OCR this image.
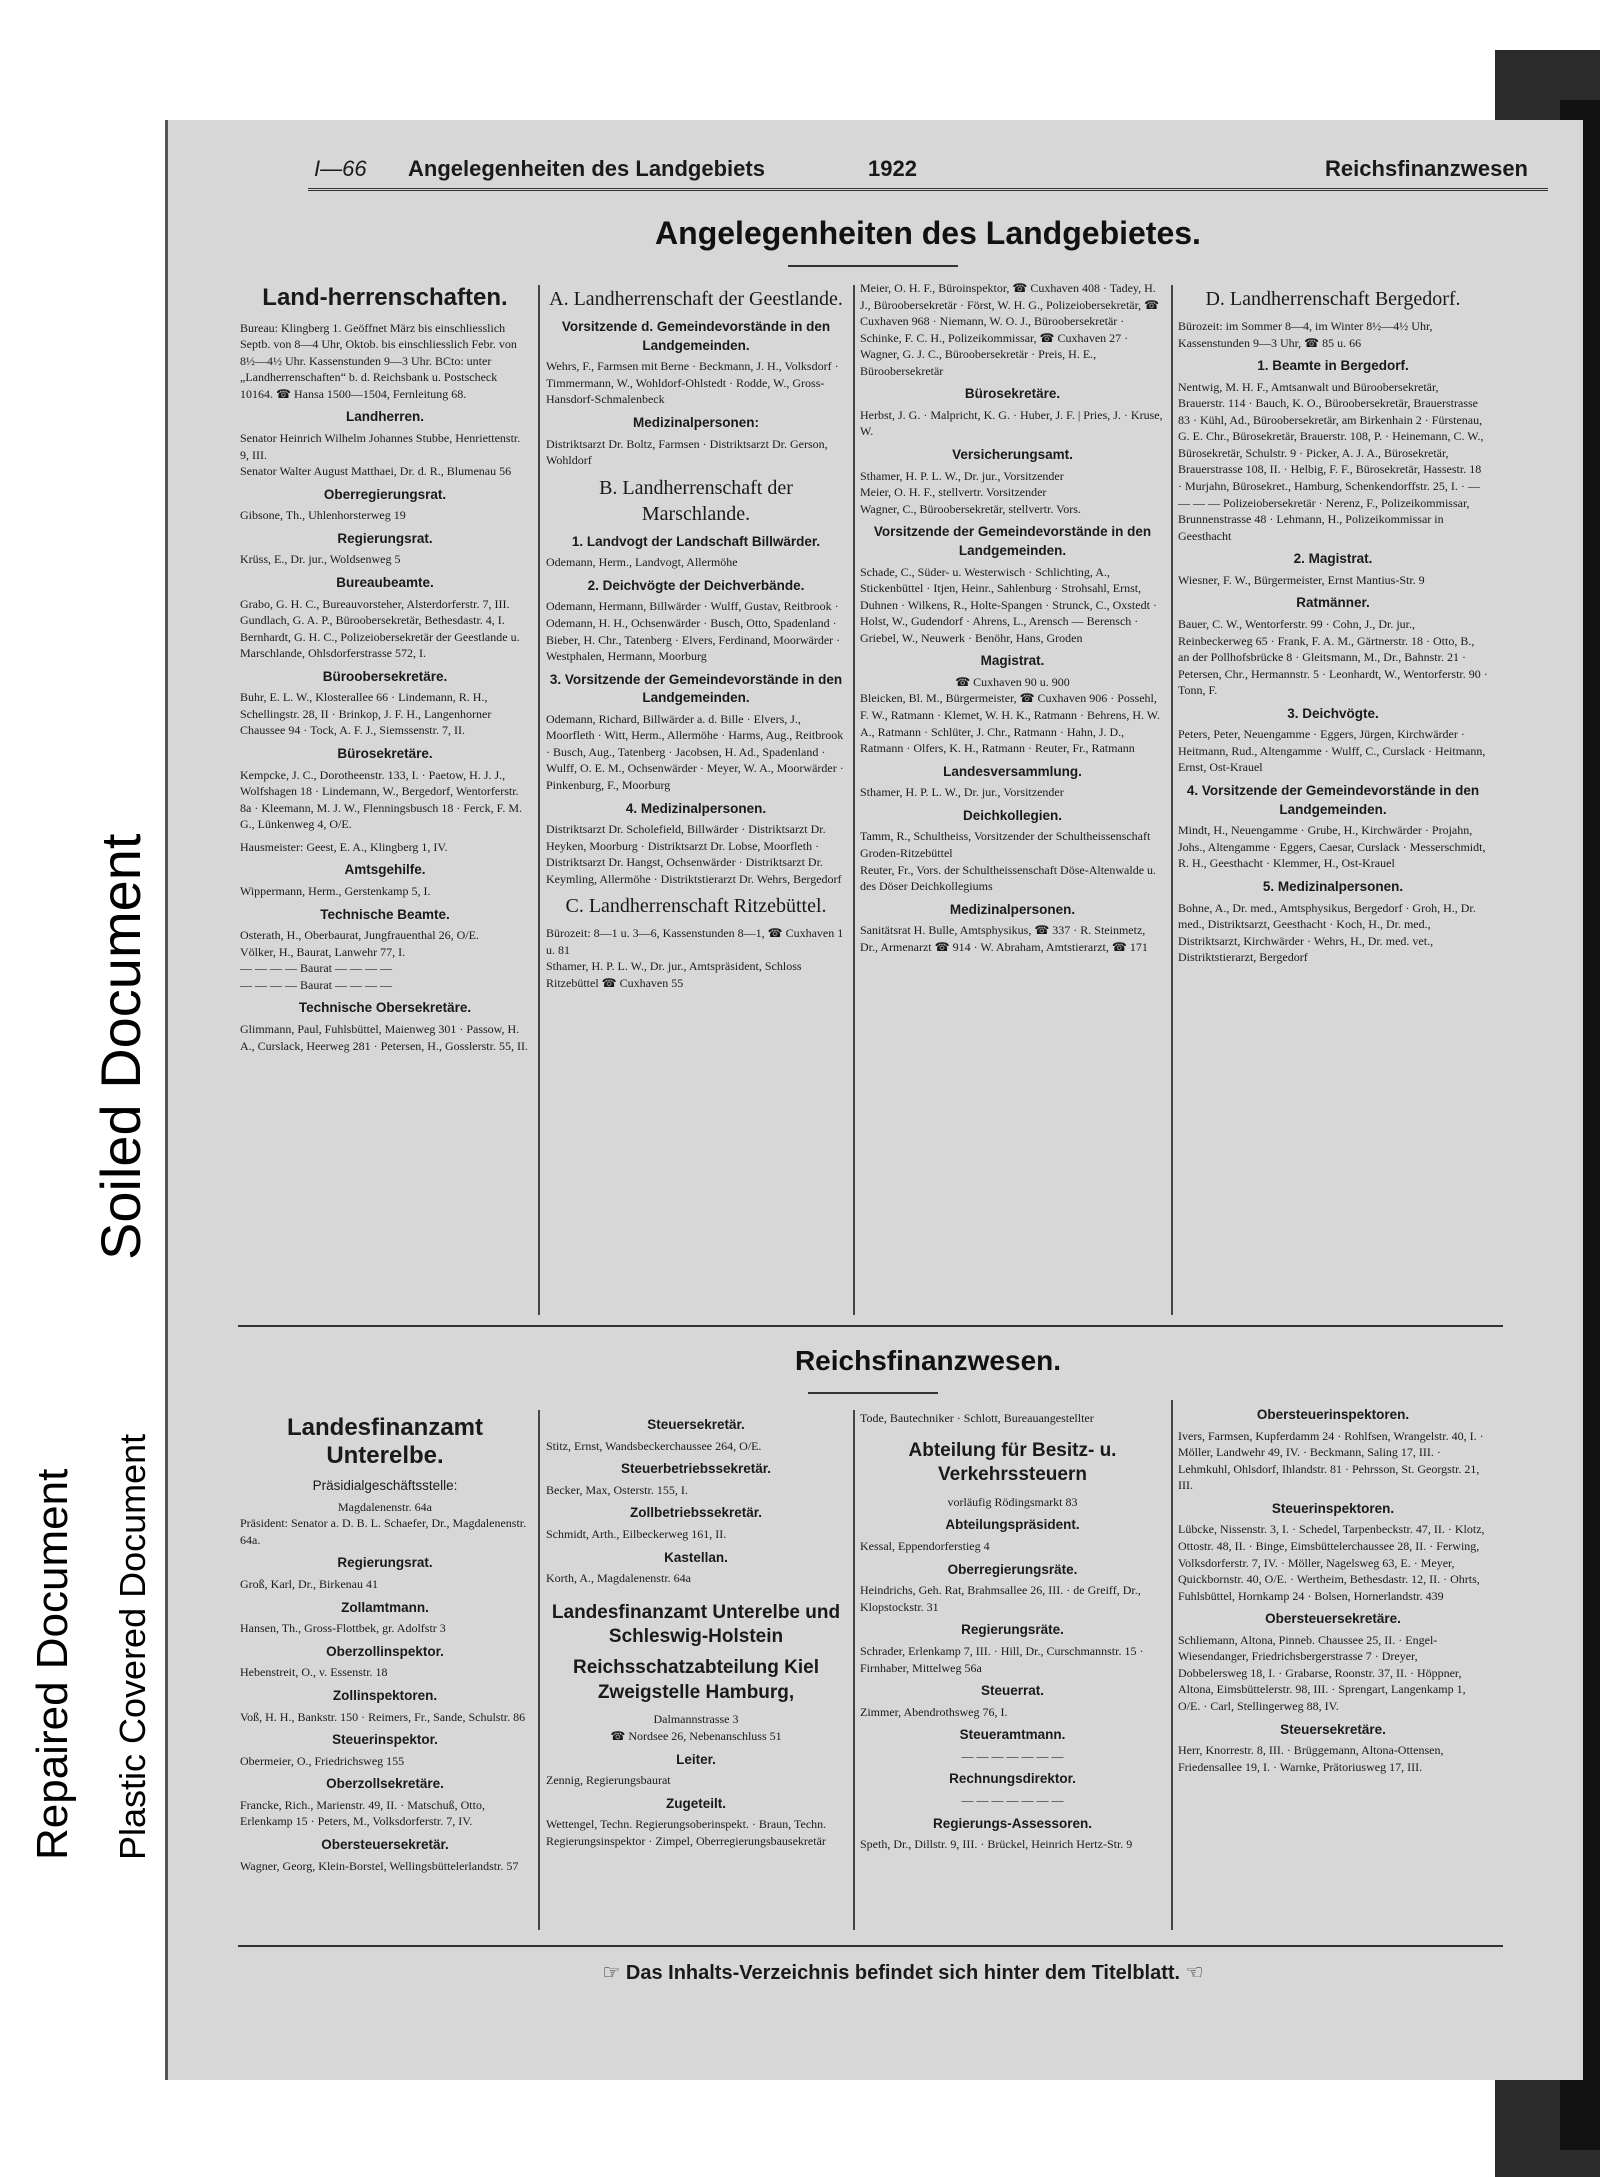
Soiled Document
Repaired Document Plastic Covered Document
I—66 Angelegenheiten des Landgebiets	1922	Reichsfinanzwesen
Angelegenheiten des Landgebietes.

Land-herrenschaften.

Bureau: Klingberg 1. Geöffnet März bis einschliesslich Septb. von 8—4 Uhr, Oktob. bis einschliesslich Febr. von 8½—4½ Uhr. Kassenstunden 9—3 Uhr. BCto: unter „Landherrenschaften“ b. d. Reichsbank u. Postscheck 10164. ☎ Hansa 1500—1504, Fernleitung 68.

Landherren.

Senator Heinrich Wilhelm Johannes Stubbe, Henriettenstr. 9, III.

Senator Walter August Matthaei, Dr. d. R., Blumenau 56

Oberregierungsrat.

Gibsone, Th., Uhlenhorsterweg 19

Regierungsrat.

Krüss, E., Dr. jur., Woldsenweg 5

Bureaubeamte.

Grabo, G. H. C., Bureauvorsteher, Alsterdorferstr. 7, III.

Gundlach, G. A. P., Büroobersekretär, Bethesdastr. 4, I.

Bernhardt, G. H. C., Polizeiobersekretär der Geestlande u. Marschlande, Ohlsdorferstrasse 572, I.

Büroobersekretäre.

Buhr, E. L. W., Klosterallee 66 · Lindemann, R. H., Schellingstr. 28, II · Brinkop, J. F. H., Langenhorner Chaussee 94 · Tock, A. F. J., Siemssenstr. 7, II.

Bürosekretäre.

Kempcke, J. C., Dorotheenstr. 133, I. · Paetow, H. J. J., Wolfshagen 18 · Lindemann, W., Bergedorf, Wentorferstr. 8a · Kleemann, M. J. W., Flenningsbusch 18 · Ferck, F. M. G., Lünkenweg 4, O/E.

Hausmeister: Geest, E. A., Klingberg 1, IV.

Amtsgehilfe.

Wippermann, Herm., Gerstenkamp 5, I.

Technische Beamte.

Osterath, H., Oberbaurat, Jungfrauenthal 26, O/E.

Völker, H., Baurat, Lanwehr 77, I.

— — — — Baurat — — — —

— — — — Baurat — — — —

Technische Obersekretäre.

Glimmann, Paul, Fuhlsbüttel, Maienweg 301 · Passow, H. A., Curslack, Heerweg 281 · Petersen, H., Gosslerstr. 55, II.

A. Landherrenschaft der Geestlande.

Vorsitzende d. Gemeindevorstände in den Landgemeinden.

Wehrs, F., Farmsen mit Berne · Beckmann, J. H., Volksdorf · Timmermann, W., Wohldorf-Ohlstedt · Rodde, W., Gross-Hansdorf-Schmalenbeck

Medizinalpersonen:

Distriktsarzt Dr. Boltz, Farmsen · Distriktsarzt Dr. Gerson, Wohldorf

B. Landherrenschaft der Marschlande.

1. Landvogt der Landschaft Billwärder.

Odemann, Herm., Landvogt, Allermöhe

2. Deichvögte der Deichverbände.

Odemann, Hermann, Billwärder · Wulff, Gustav, Reitbrook · Odemann, H. H., Ochsenwärder · Busch, Otto, Spadenland · Bieber, H. Chr., Tatenberg · Elvers, Ferdinand, Moorwärder · Westphalen, Hermann, Moorburg

3. Vorsitzende der Gemeindevorstände in den Landgemeinden.

Odemann, Richard, Billwärder a. d. Bille · Elvers, J., Moorfleth · Witt, Herm., Allermöhe · Harms, Aug., Reitbrook · Busch, Aug., Tatenberg · Jacobsen, H. Ad., Spadenland · Wulff, O. E. M., Ochsenwärder · Meyer, W. A., Moorwärder · Pinkenburg, F., Moorburg

4. Medizinalpersonen.

Distriktsarzt Dr. Scholefield, Billwärder · Distriktsarzt Dr. Heyken, Moorburg · Distriktsarzt Dr. Lobse, Moorfleth · Distriktsarzt Dr. Hangst, Ochsenwärder · Distriktsarzt Dr. Keymling, Allermöhe · Distriktstierarzt Dr. Wehrs, Bergedorf

C. Landherrenschaft Ritzebüttel.

Bürozeit: 8—1 u. 3—6, Kassenstunden 8—1, ☎ Cuxhaven 1 u. 81

Sthamer, H. P. L. W., Dr. jur., Amtspräsident, Schloss Ritzebüttel ☎ Cuxhaven 55

Meier, O. H. F., Büroinspektor, ☎ Cuxhaven 408 · Tadey, H. J., Büroobersekretär · Först, W. H. G., Polizeiobersekretär, ☎ Cuxhaven 968 · Niemann, W. O. J., Büroobersekretär · Schinke, F. C. H., Polizeikommissar, ☎ Cuxhaven 27 · Wagner, G. J. C., Büroobersekretär · Preis, H. E., Büroobersekretär

Bürosekretäre.

Herbst, J. G. · Malpricht, K. G. · Huber, J. F. | Pries, J. · Kruse, W.

Versicherungsamt.

Sthamer, H. P. L. W., Dr. jur., Vorsitzender

Meier, O. H. F., stellvertr. Vorsitzender

Wagner, C., Büroobersekretär, stellvertr. Vors.

Vorsitzende der Gemeindevorstände in den Landgemeinden.

Schade, C., Süder- u. Westerwisch · Schlichting, A., Stickenbüttel · Itjen, Heinr., Sahlenburg · Strohsahl, Ernst, Duhnen · Wilkens, R., Holte-Spangen · Strunck, C., Oxstedt · Holst, W., Gudendorf · Ahrens, L., Arensch — Berensch · Griebel, W., Neuwerk · Benöhr, Hans, Groden

Magistrat.

☎ Cuxhaven 90 u. 900

Bleicken, Bl. M., Bürgermeister, ☎ Cuxhaven 906 · Possehl, F. W., Ratmann · Klemet, W. H. K., Ratmann · Behrens, H. W. A., Ratmann · Schlüter, J. Chr., Ratmann · Hahn, J. D., Ratmann · Olfers, K. H., Ratmann · Reuter, Fr., Ratmann

Landesversammlung.

Sthamer, H. P. L. W., Dr. jur., Vorsitzender

Deichkollegien.

Tamm, R., Schultheiss, Vorsitzender der Schultheissenschaft Groden-Ritzebüttel

Reuter, Fr., Vors. der Schultheissenschaft Döse-Altenwalde u. des Döser Deichkollegiums

Medizinalpersonen.

Sanitätsrat H. Bulle, Amtsphysikus, ☎ 337 · R. Steinmetz, Dr., Armenarzt ☎ 914 · W. Abraham, Amtstierarzt, ☎ 171

D. Landherrenschaft Bergedorf.

Bürozeit: im Sommer 8—4, im Winter 8½—4½ Uhr, Kassenstunden 9—3 Uhr, ☎ 85 u. 66

1. Beamte in Bergedorf.

Nentwig, M. H. F., Amtsanwalt und Büroobersekretär, Brauerstr. 114 · Bauch, K. O., Büroobersekretär, Brauerstrasse 83 · Kühl, Ad., Büroobersekretär, am Birkenhain 2 · Fürstenau, G. E. Chr., Bürosekretär, Brauerstr. 108, P. · Heinemann, C. W., Bürosekretär, Schulstr. 9 · Picker, A. J. A., Bürosekretär, Brauerstrasse 108, II. · Helbig, F. F., Bürosekretär, Hassestr. 18 · Murjahn, Bürosekret., Hamburg, Schenkendorffstr. 25, I. · — — — — Polizeiobersekretär · Nerenz, F., Polizeikommissar, Brunnenstrasse 48 · Lehmann, H., Polizeikommissar in Geesthacht

2. Magistrat.

Wiesner, F. W., Bürgermeister, Ernst Mantius-Str. 9

Ratmänner.

Bauer, C. W., Wentorferstr. 99 · Cohn, J., Dr. jur., Reinbeckerweg 65 · Frank, F. A. M., Gärtnerstr. 18 · Otto, B., an der Pollhofsbrücke 8 · Gleitsmann, M., Dr., Bahnstr. 21 · Petersen, Chr., Hermannstr. 5 · Leonhardt, W., Wentorferstr. 90 · Tonn, F.

3. Deichvögte.

Peters, Peter, Neuengamme · Eggers, Jürgen, Kirchwärder · Heitmann, Rud., Altengamme · Wulff, C., Curslack · Heitmann, Ernst, Ost-Krauel

4. Vorsitzende der Gemeindevorstände in den Landgemeinden.

Mindt, H., Neuengamme · Grube, H., Kirchwärder · Projahn, Johs., Altengamme · Eggers, Caesar, Curslack · Messerschmidt, R. H., Geesthacht · Klemmer, H., Ost-Krauel

5. Medizinalpersonen.

Bohne, A., Dr. med., Amtsphysikus, Bergedorf · Groh, H., Dr. med., Distriktsarzt, Geesthacht · Koch, H., Dr. med., Distriktsarzt, Kirchwärder · Wehrs, H., Dr. med. vet., Distriktstierarzt, Bergedorf

Reichsfinanzwesen.

Landesfinanzamt Unterelbe.

Präsidialgeschäftsstelle:

Magdalenenstr. 64a

Präsident: Senator a. D. B. L. Schaefer, Dr., Magdalenenstr. 64a.

Regierungsrat.

Groß, Karl, Dr., Birkenau 41

Zollamtmann.

Hansen, Th., Gross-Flottbek, gr. Adolfstr 3

Oberzollinspektor.

Hebenstreit, O., v. Essenstr. 18

Zollinspektoren.

Voß, H. H., Bankstr. 150 · Reimers, Fr., Sande, Schulstr. 86

Steuerinspektor.

Obermeier, O., Friedrichsweg 155

Oberzollsekretäre.

Francke, Rich., Marienstr. 49, II. · Matschuß, Otto, Erlenkamp 15 · Peters, M., Volksdorferstr. 7, IV.

Obersteuersekretär.

Wagner, Georg, Klein-Borstel, Wellingsbüttelerlandstr. 57

Steuersekretär.

Stitz, Ernst, Wandsbeckerchaussee 264, O/E.

Steuerbetriebssekretär.

Becker, Max, Osterstr. 155, I.

Zollbetriebssekretär.

Schmidt, Arth., Eilbeckerweg 161, II.

Kastellan.

Korth, A., Magdalenenstr. 64a

Landesfinanzamt Unterelbe und Schleswig-Holstein

Reichsschatzabteilung Kiel Zweigstelle Hamburg,

Dalmannstrasse 3

☎ Nordsee 26, Nebenanschluss 51

Leiter.

Zennig, Regierungsbaurat

Zugeteilt.

Wettengel, Techn. Regierungsoberinspekt. · Braun, Techn. Regierungsinspektor · Zimpel, Oberregierungsbausekretär

Tode, Bautechniker · Schlott, Bureauangestellter

Abteilung für Besitz- u. Verkehrssteuern

vorläufig Rödingsmarkt 83

Abteilungspräsident.

Kessal, Eppendorferstieg 4

Oberregierungsräte.

Heindrichs, Geh. Rat, Brahmsallee 26, III. · de Greiff, Dr., Klopstockstr. 31

Regierungsräte.

Schrader, Erlenkamp 7, III. · Hill, Dr., Curschmannstr. 15 · Firnhaber, Mittelweg 56a

Steuerrat.

Zimmer, Abendrothsweg 76, I.

Steueramtmann.

— — — — — — —

Rechnungsdirektor.

— — — — — — —

Regierungs-Assessoren.

Speth, Dr., Dillstr. 9, III. · Brückel, Heinrich Hertz-Str. 9

Obersteuerinspektoren.

Ivers, Farmsen, Kupferdamm 24 · Rohlfsen, Wrangelstr. 40, I. · Möller, Landwehr 49, IV. · Beckmann, Saling 17, III. · Lehmkuhl, Ohlsdorf, Ihlandstr. 81 · Pehrsson, St. Georgstr. 21, III.

Steuerinspektoren.

Lübcke, Nissenstr. 3, I. · Schedel, Tarpenbeckstr. 47, II. · Klotz, Ottostr. 48, II. · Binge, Eimsbüttelerchaussee 28, II. · Ferwing, Volksdorferstr. 7, IV. · Möller, Nagelsweg 63, E. · Meyer, Quickbornstr. 40, O/E. · Wertheim, Bethesdastr. 12, II. · Ohrts, Fuhlsbüttel, Hornkamp 24 · Bolsen, Hornerlandstr. 439

Obersteuersekretäre.

Schliemann, Altona, Pinneb. Chaussee 25, II. · Engel-Wiesendanger, Friedrichsbergerstrasse 7 · Dreyer, Dobbelersweg 18, I. · Grabarse, Roonstr. 37, II. · Höppner, Altona, Eimsbüttelerstr. 98, III. · Sprengart, Langenkamp 1, O/E. · Carl, Stellingerweg 88, IV.

Steuersekretäre.

Herr, Knorrestr. 8, III. · Brüggemann, Altona-Ottensen, Friedensallee 19, I. · Warnke, Prätoriusweg 17, III.

☞ Das Inhalts-Verzeichnis befindet sich hinter dem Titelblatt. ☜
